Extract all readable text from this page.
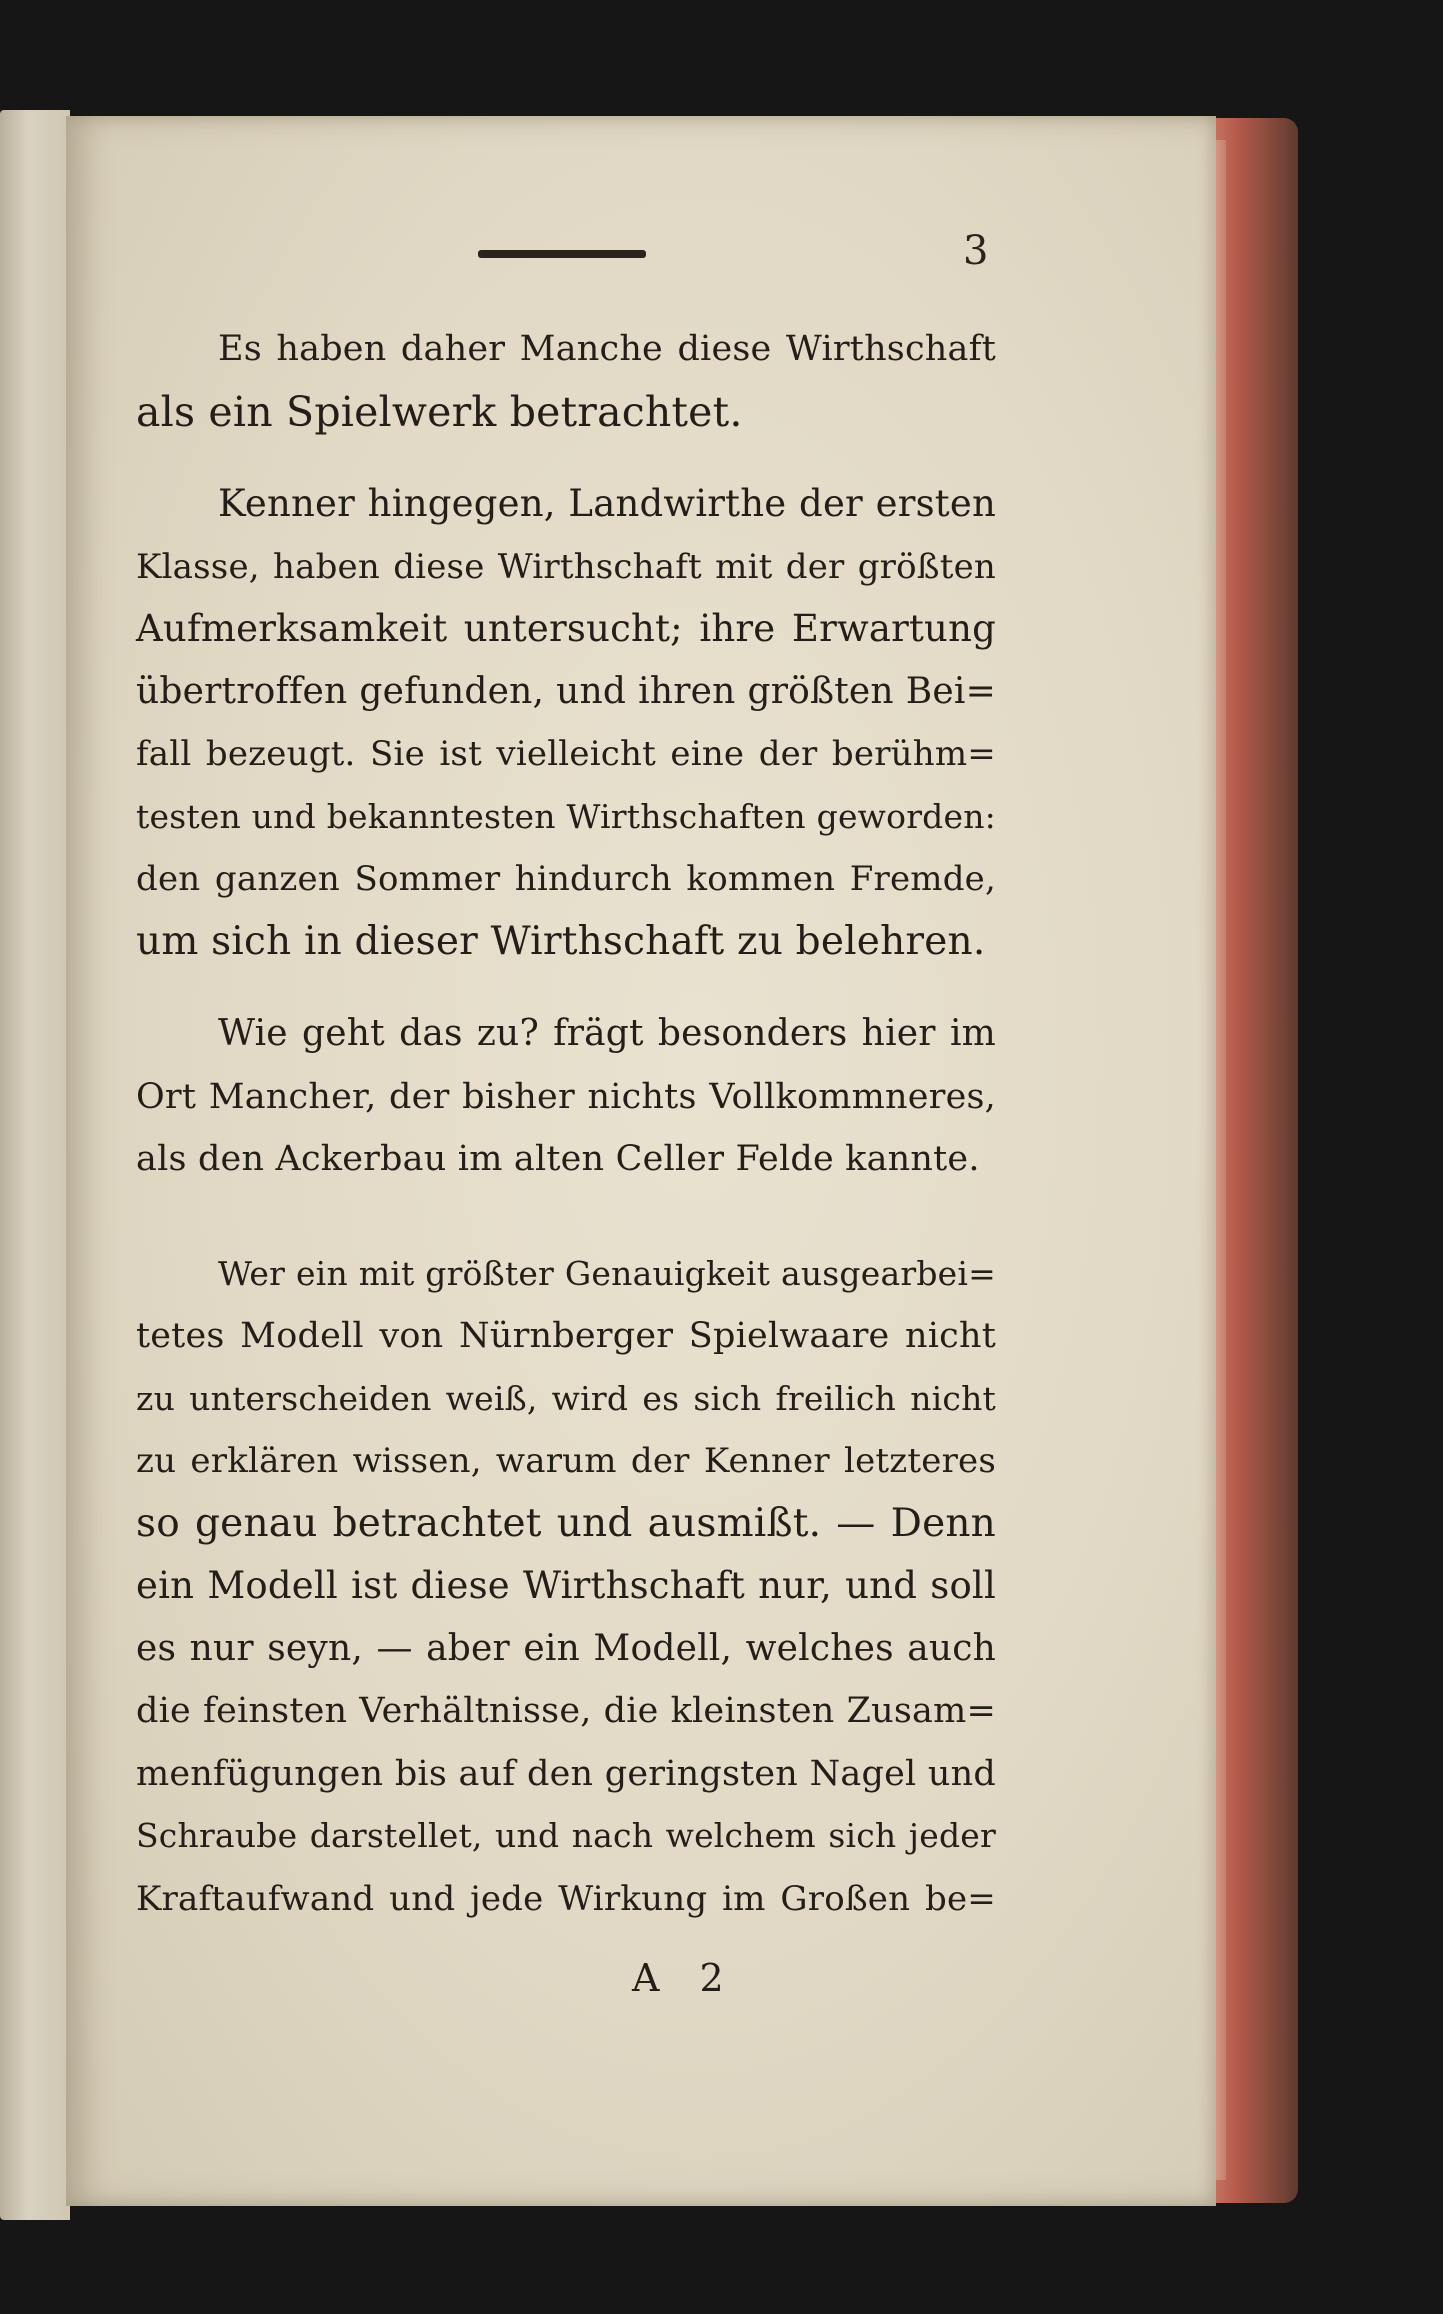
3
Es haben daher Manche diese Wirthschaft
als ein Spielwerk betrachtet.
Kenner hingegen, Landwirthe der ersten
Klasse, haben diese Wirthschaft mit der größten
Aufmerksamkeit untersucht; ihre Erwartung
übertroffen gefunden, und ihren größten Bei=
fall bezeugt. Sie ist vielleicht eine der berühm=
testen und bekanntesten Wirthschaften geworden:
den ganzen Sommer hindurch kommen Fremde,
um sich in dieser Wirthschaft zu belehren.
Wie geht das zu? frägt besonders hier im
Ort Mancher, der bisher nichts Vollkommneres,
als den Ackerbau im alten Celler Felde kannte.
Wer ein mit größter Genauigkeit ausgearbei=
tetes Modell von Nürnberger Spielwaare nicht
zu unterscheiden weiß, wird es sich freilich nicht
zu erklären wissen, warum der Kenner letzteres
so genau betrachtet und ausmißt. — Denn
ein Modell ist diese Wirthschaft nur, und soll
es nur seyn, — aber ein Modell, welches auch
die feinsten Verhältnisse, die kleinsten Zusam=
menfügungen bis auf den geringsten Nagel und
Schraube darstellet, und nach welchem sich jeder
Kraftaufwand und jede Wirkung im Großen be=
A 2
